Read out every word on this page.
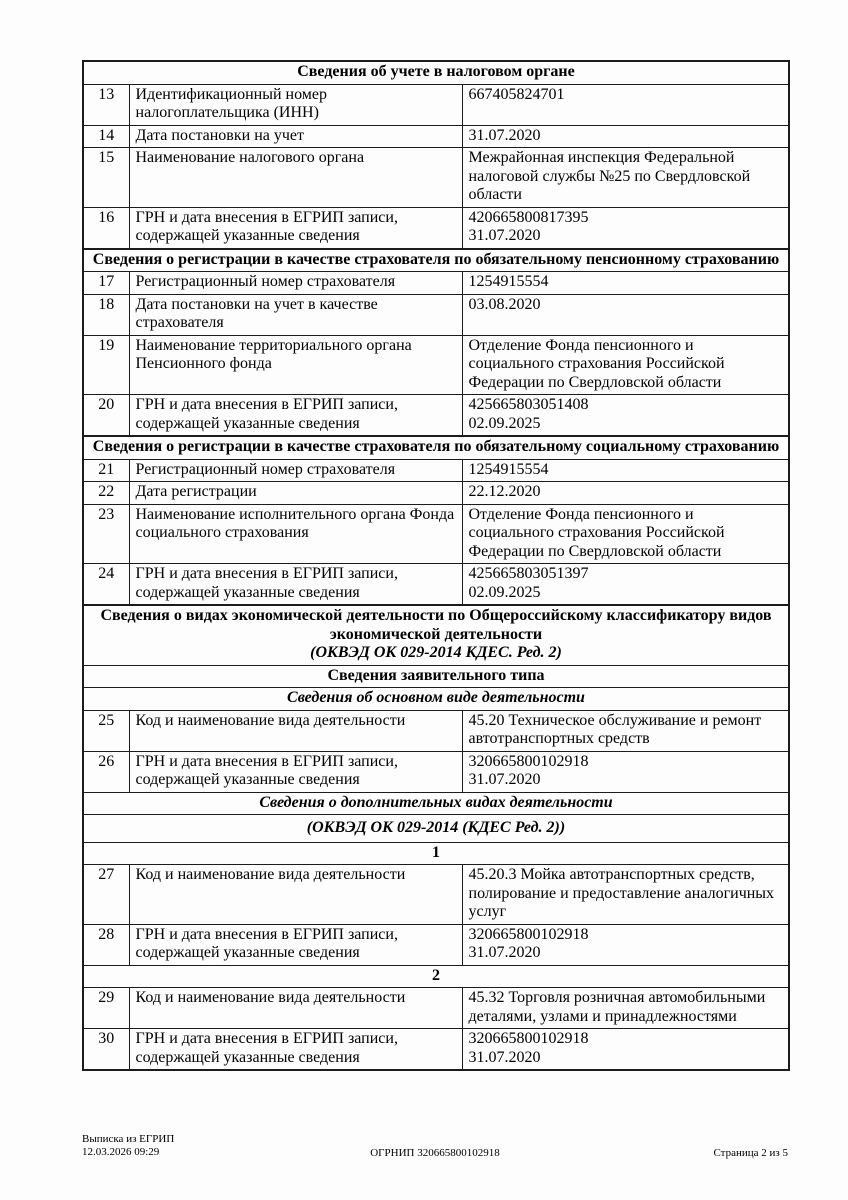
Сведения об учете в налоговом органе		

13	Идентификационный номер налогоплательщика (ИНН)	667405824701

14	Дата постановки на учет	31.07.2020

15	Наименование налогового органа	Межрайонная инспекция Федеральной налоговой службы №25 по Свердловской области

16	ГРН и дата внесения в ЕГРИП записи, содержащей указанные сведения	420665800817395
31.07.2020

Сведения о регистрации в качестве страхователя по обязательному пенсионному страхованию		

17	Регистрационный номер страхователя	1254915554

18	Дата постановки на учет в качестве страхователя	03.08.2020

19	Наименование территориального органа Пенсионного фонда	Отделение Фонда пенсионного и социального страхования Российской Федерации по Свердловской области

20	ГРН и дата внесения в ЕГРИП записи, содержащей указанные сведения	425665803051408
02.09.2025

Сведения о регистрации в качестве страхователя по обязательному социальному страхованию		

21	Регистрационный номер страхователя	1254915554

22	Дата регистрации	22.12.2020

23	Наименование исполнительного органа Фонда социального страхования	Отделение Фонда пенсионного и социального страхования Российской Федерации по Свердловской области

24	ГРН и дата внесения в ЕГРИП записи, содержащей указанные сведения	425665803051397
02.09.2025

Сведения о видах экономической деятельности по Общероссийскому классификатору видов экономической деятельности
(ОКВЭД ОК 029-2014 КДЕС. Ред. 2)		

Сведения заявительного типа		

Сведения об основном виде деятельности		

25	Код и наименование вида деятельности	45.20 Техническое обслуживание и ремонт автотранспортных средств

26	ГРН и дата внесения в ЕГРИП записи, содержащей указанные сведения	320665800102918
31.07.2020

Сведения о дополнительных видах деятельности		

(ОКВЭД ОК 029-2014 (КДЕС Ред. 2))		

1		

27	Код и наименование вида деятельности	45.20.3 Мойка автотранспортных средств, полирование и предоставление аналогичных услуг

28	ГРН и дата внесения в ЕГРИП записи, содержащей указанные сведения	320665800102918
31.07.2020

2		

29	Код и наименование вида деятельности	45.32 Торговля розничная автомобильными деталями, узлами и принадлежностями

30	ГРН и дата внесения в ЕГРИП записи, содержащей указанные сведения	320665800102918
31.07.2020
Выписка из ЕГРИП
12.03.2026 09:29	ОГРНИП 320665800102918	Страница 2 из 5
